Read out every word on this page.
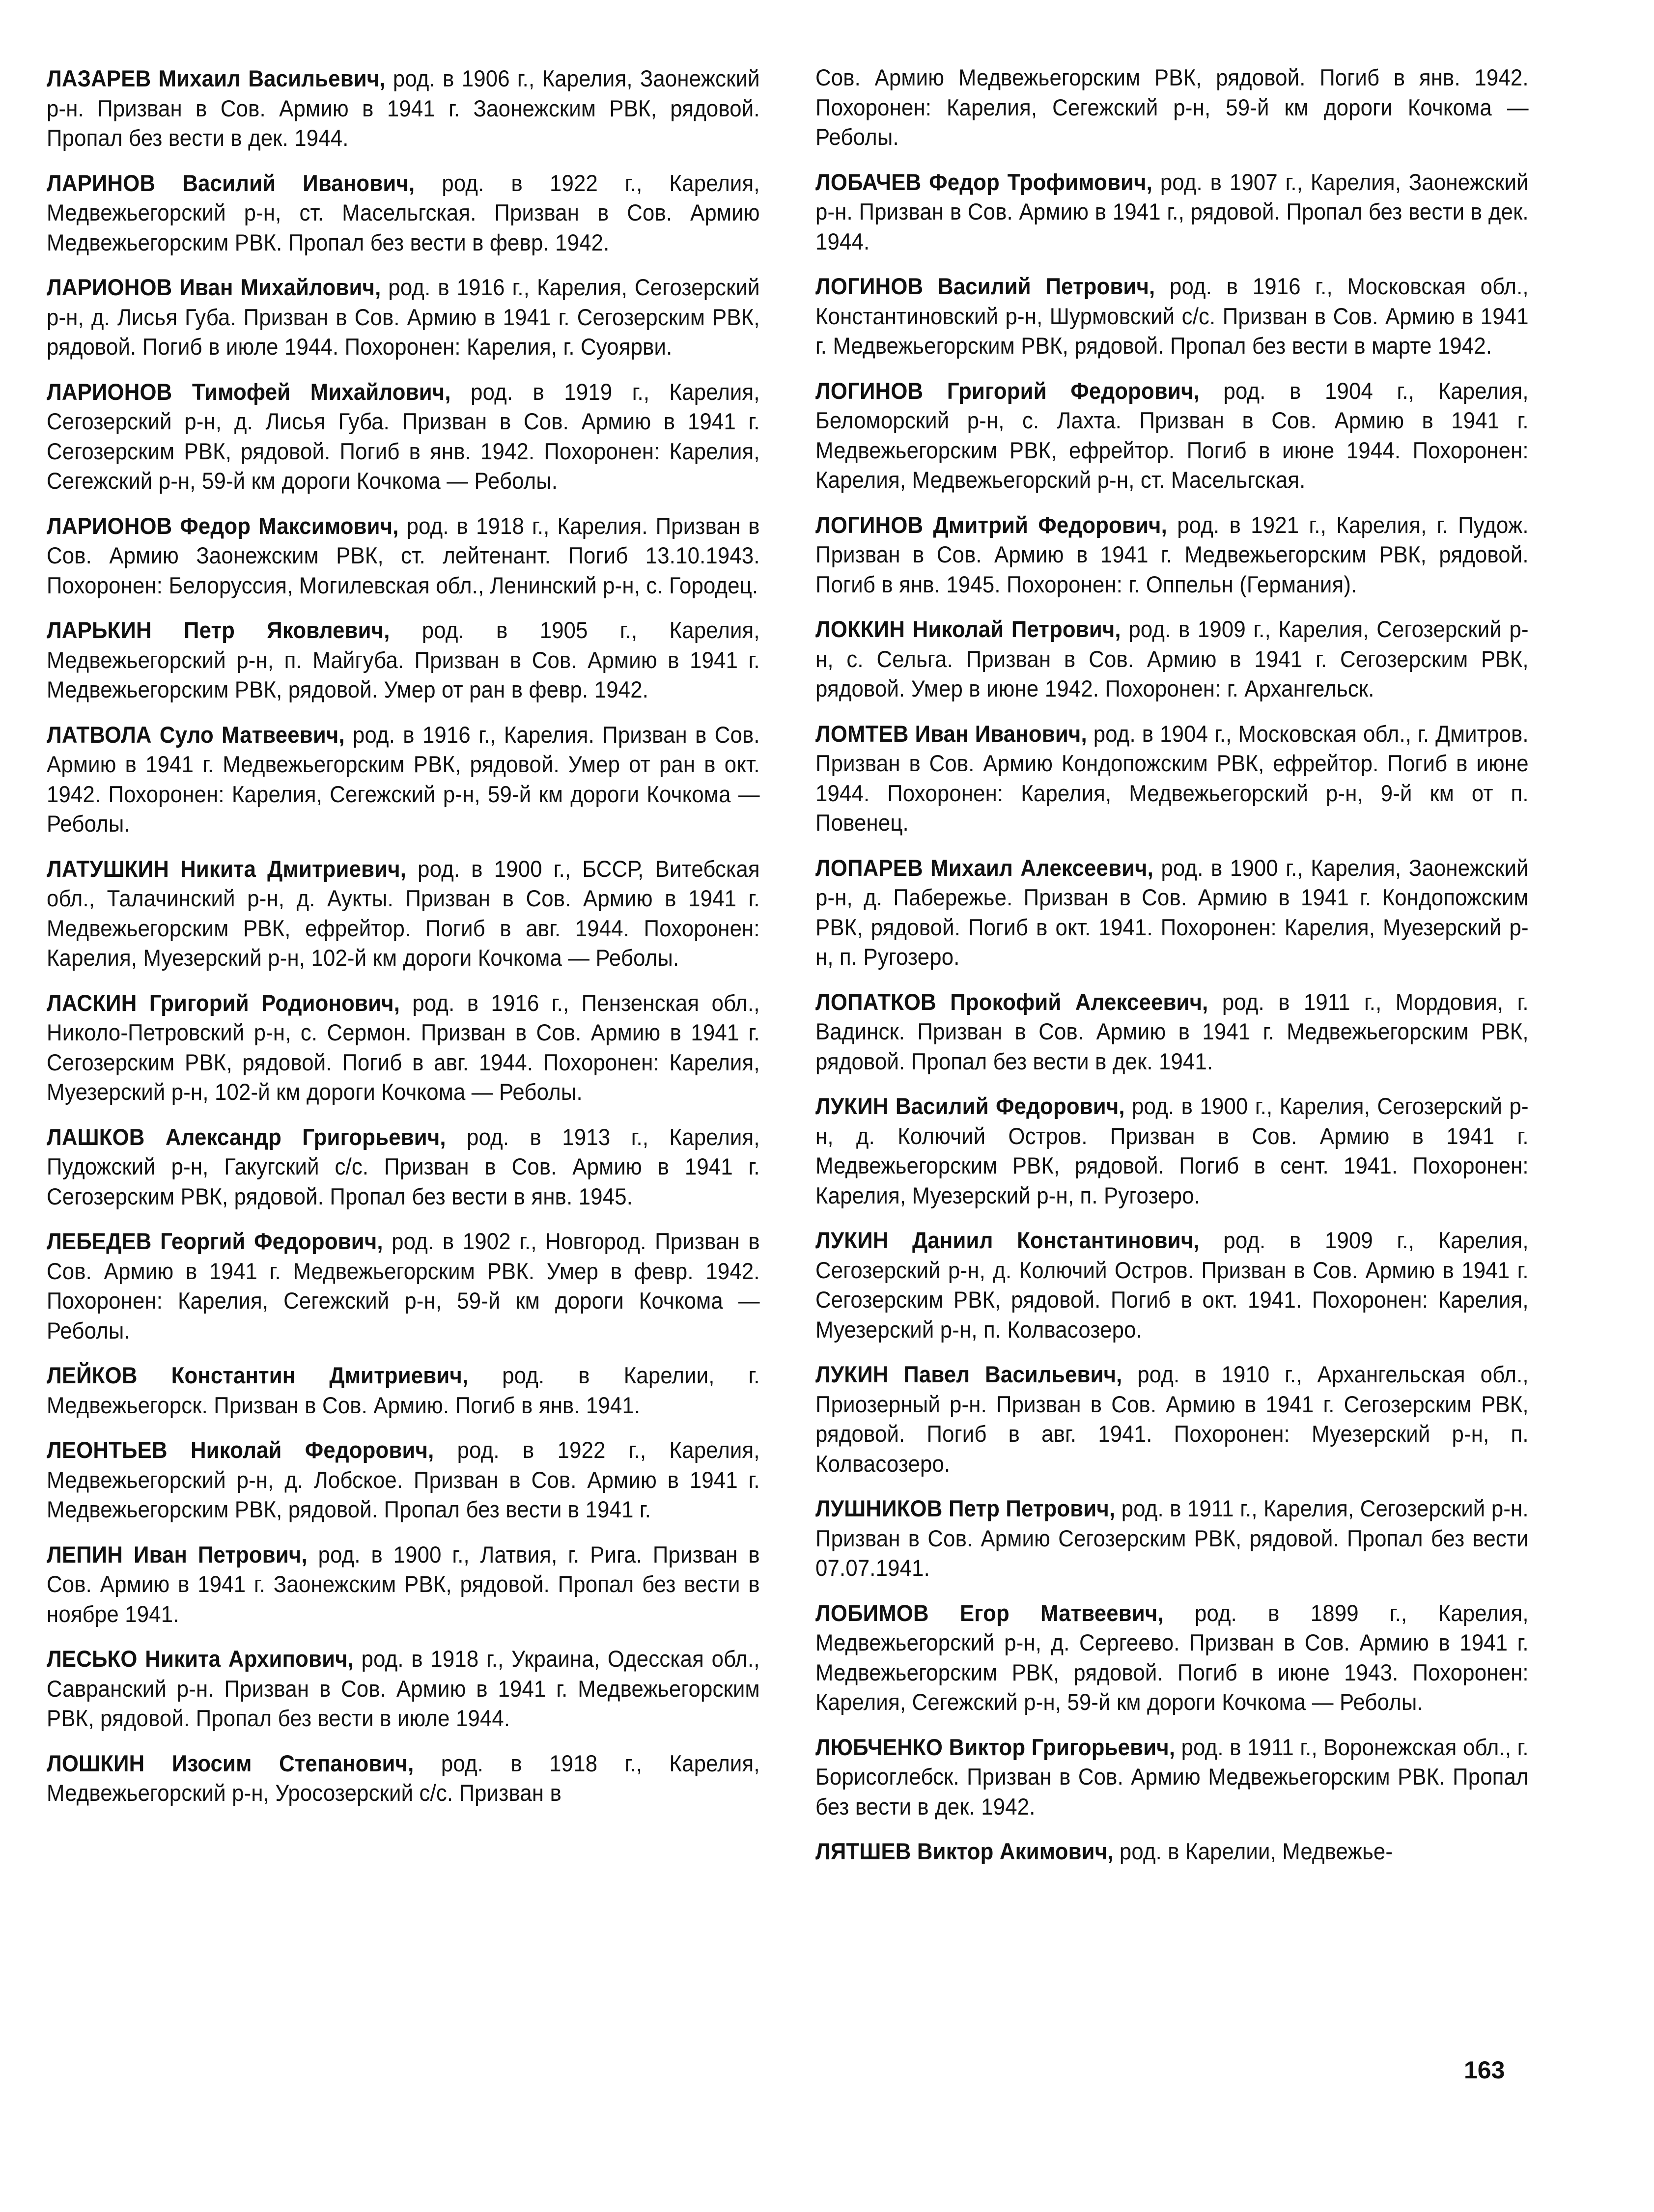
ЛАЗАРЕВ Михаил Васильевич, род. в 1906 г., Карелия, Заонежский р-н. Призван в Сов. Армию в 1941 г. Заонежским РВК, рядовой. Пропал без вести в дек. 1944.

ЛАРИНОВ Василий Иванович, род. в 1922 г., Карелия, Медвежьегорский р-н, ст. Масельгская. Призван в Сов. Армию Медвежьегорским РВК. Пропал без вести в февр. 1942.

ЛАРИОНОВ Иван Михайлович, род. в 1916 г., Карелия, Сегозерский р-н, д. Лисья Губа. Призван в Сов. Армию в 1941 г. Сегозерским РВК, рядовой. Погиб в июле 1944. Похоронен: Карелия, г. Суоярви.

ЛАРИОНОВ Тимофей Михайлович, род. в 1919 г., Карелия, Сегозерский р-н, д. Лисья Губа. Призван в Сов. Армию в 1941 г. Сегозерским РВК, рядовой. Погиб в янв. 1942. Похоронен: Карелия, Сегежский р-н, 59-й км дороги Кочкома — Реболы.

ЛАРИОНОВ Федор Максимович, род. в 1918 г., Карелия. Призван в Сов. Армию Заонежским РВК, ст. лейтенант. Погиб 13.10.1943. Похоронен: Белоруссия, Могилевская обл., Ленинский р-н, с. Городец.

ЛАРЬКИН Петр Яковлевич, род. в 1905 г., Карелия, Медвежьегорский р-н, п. Майгуба. Призван в Сов. Армию в 1941 г. Медвежьегорским РВК, рядовой. Умер от ран в февр. 1942.

ЛАТВОЛА Суло Матвеевич, род. в 1916 г., Карелия. Призван в Сов. Армию в 1941 г. Медвежьегорским РВК, рядовой. Умер от ран в окт. 1942. Похоронен: Карелия, Сегежский р-н, 59-й км дороги Кочкома — Реболы.

ЛАТУШКИН Никита Дмитриевич, род. в 1900 г., БССР, Витебская обл., Талачинский р-н, д. Аукты. Призван в Сов. Армию в 1941 г. Медвежьегорским РВК, ефрейтор. Погиб в авг. 1944. Похоронен: Карелия, Муезерский р-н, 102-й км дороги Кочкома — Реболы.

ЛАСКИН Григорий Родионович, род. в 1916 г., Пензенская обл., Николо-Петровский р-н, с. Сермон. Призван в Сов. Армию в 1941 г. Сегозерским РВК, рядовой. Погиб в авг. 1944. Похоронен: Карелия, Муезерский р-н, 102-й км дороги Кочкома — Реболы.

ЛАШКОВ Александр Григорьевич, род. в 1913 г., Карелия, Пудожский р-н, Гакугский с/с. Призван в Сов. Армию в 1941 г. Сегозерским РВК, рядовой. Пропал без вести в янв. 1945.

ЛЕБЕДЕВ Георгий Федорович, род. в 1902 г., Новгород. Призван в Сов. Армию в 1941 г. Медвежьегорским РВК. Умер в февр. 1942. Похоронен: Карелия, Сегежский р-н, 59-й км дороги Кочкома — Реболы.

ЛЕЙКОВ Константин Дмитриевич, род. в Карелии, г. Медвежьегорск. Призван в Сов. Армию. Погиб в янв. 1941.

ЛЕОНТЬЕВ Николай Федорович, род. в 1922 г., Карелия, Медвежьегорский р-н, д. Лобское. Призван в Сов. Армию в 1941 г. Медвежьегорским РВК, рядовой. Пропал без вести в 1941 г.

ЛЕПИН Иван Петрович, род. в 1900 г., Латвия, г. Рига. Призван в Сов. Армию в 1941 г. Заонежским РВК, рядовой. Пропал без вести в ноябре 1941.

ЛЕСЬКО Никита Архипович, род. в 1918 г., Украина, Одесская обл., Савранский р-н. Призван в Сов. Армию в 1941 г. Медвежьегорским РВК, рядовой. Пропал без вести в июле 1944.

ЛОШКИН Изосим Степанович, род. в 1918 г., Карелия, Медвежьегорский р-н, Уросозерский с/с. Призван в

Сов. Армию Медвежьегорским РВК, рядовой. Погиб в янв. 1942. Похоронен: Карелия, Сегежский р-н, 59-й км дороги Кочкома — Реболы.

ЛОБАЧЕВ Федор Трофимович, род. в 1907 г., Карелия, Заонежский р-н. Призван в Сов. Армию в 1941 г., рядовой. Пропал без вести в дек. 1944.

ЛОГИНОВ Василий Петрович, род. в 1916 г., Московская обл., Константиновский р-н, Шурмовский с/с. Призван в Сов. Армию в 1941 г. Медвежьегорским РВК, рядовой. Пропал без вести в марте 1942.

ЛОГИНОВ Григорий Федорович, род. в 1904 г., Карелия, Беломорский р-н, с. Лахта. Призван в Сов. Армию в 1941 г. Медвежьегорским РВК, ефрейтор. Погиб в июне 1944. Похоронен: Карелия, Медвежьегорский р-н, ст. Масельгская.

ЛОГИНОВ Дмитрий Федорович, род. в 1921 г., Карелия, г. Пудож. Призван в Сов. Армию в 1941 г. Медвежьегорским РВК, рядовой. Погиб в янв. 1945. Похоронен: г. Оппельн (Германия).

ЛОККИН Николай Петрович, род. в 1909 г., Карелия, Сегозерский р-н, с. Сельга. Призван в Сов. Армию в 1941 г. Сегозерским РВК, рядовой. Умер в июне 1942. Похоронен: г. Архангельск.

ЛОМТЕВ Иван Иванович, род. в 1904 г., Московская обл., г. Дмитров. Призван в Сов. Армию Кондопожским РВК, ефрейтор. Погиб в июне 1944. Похоронен: Карелия, Медвежьегорский р-н, 9-й км от п. Повенец.

ЛОПАРЕВ Михаил Алексеевич, род. в 1900 г., Карелия, Заонежский р-н, д. Пабережье. Призван в Сов. Армию в 1941 г. Кондопожским РВК, рядовой. Погиб в окт. 1941. Похоронен: Карелия, Муезерский р-н, п. Ругозеро.

ЛОПАТКОВ Прокофий Алексеевич, род. в 1911 г., Мордовия, г. Вадинск. Призван в Сов. Армию в 1941 г. Медвежьегорским РВК, рядовой. Пропал без вести в дек. 1941.

ЛУКИН Василий Федорович, род. в 1900 г., Карелия, Сегозерский р-н, д. Колючий Остров. Призван в Сов. Армию в 1941 г. Медвежьегорским РВК, рядовой. Погиб в сент. 1941. Похоронен: Карелия, Муезерский р-н, п. Ругозеро.

ЛУКИН Даниил Константинович, род. в 1909 г., Карелия, Сегозерский р-н, д. Колючий Остров. Призван в Сов. Армию в 1941 г. Сегозерским РВК, рядовой. Погиб в окт. 1941. Похоронен: Карелия, Муезерский р-н, п. Колвасозеро.

ЛУКИН Павел Васильевич, род. в 1910 г., Архангельская обл., Приозерный р-н. Призван в Сов. Армию в 1941 г. Сегозерским РВК, рядовой. Погиб в авг. 1941. Похоронен: Муезерский р-н, п. Колвасозеро.

ЛУШНИКОВ Петр Петрович, род. в 1911 г., Карелия, Сегозерский р-н. Призван в Сов. Армию Сегозерским РВК, рядовой. Пропал без вести 07.07.1941.

ЛОБИМОВ Егор Матвеевич, род. в 1899 г., Карелия, Медвежьегорский р-н, д. Сергеево. Призван в Сов. Армию в 1941 г. Медвежьегорским РВК, рядовой. Погиб в июне 1943. Похоронен: Карелия, Сегежский р-н, 59-й км дороги Кочкома — Реболы.

ЛЮБЧЕНКО Виктор Григорьевич, род. в 1911 г., Воронежская обл., г. Борисоглебск. Призван в Сов. Армию Медвежьегорским РВК. Пропал без вести в дек. 1942.

ЛЯТШЕВ Виктор Акимович, род. в Карелии, Медвежье-

163
